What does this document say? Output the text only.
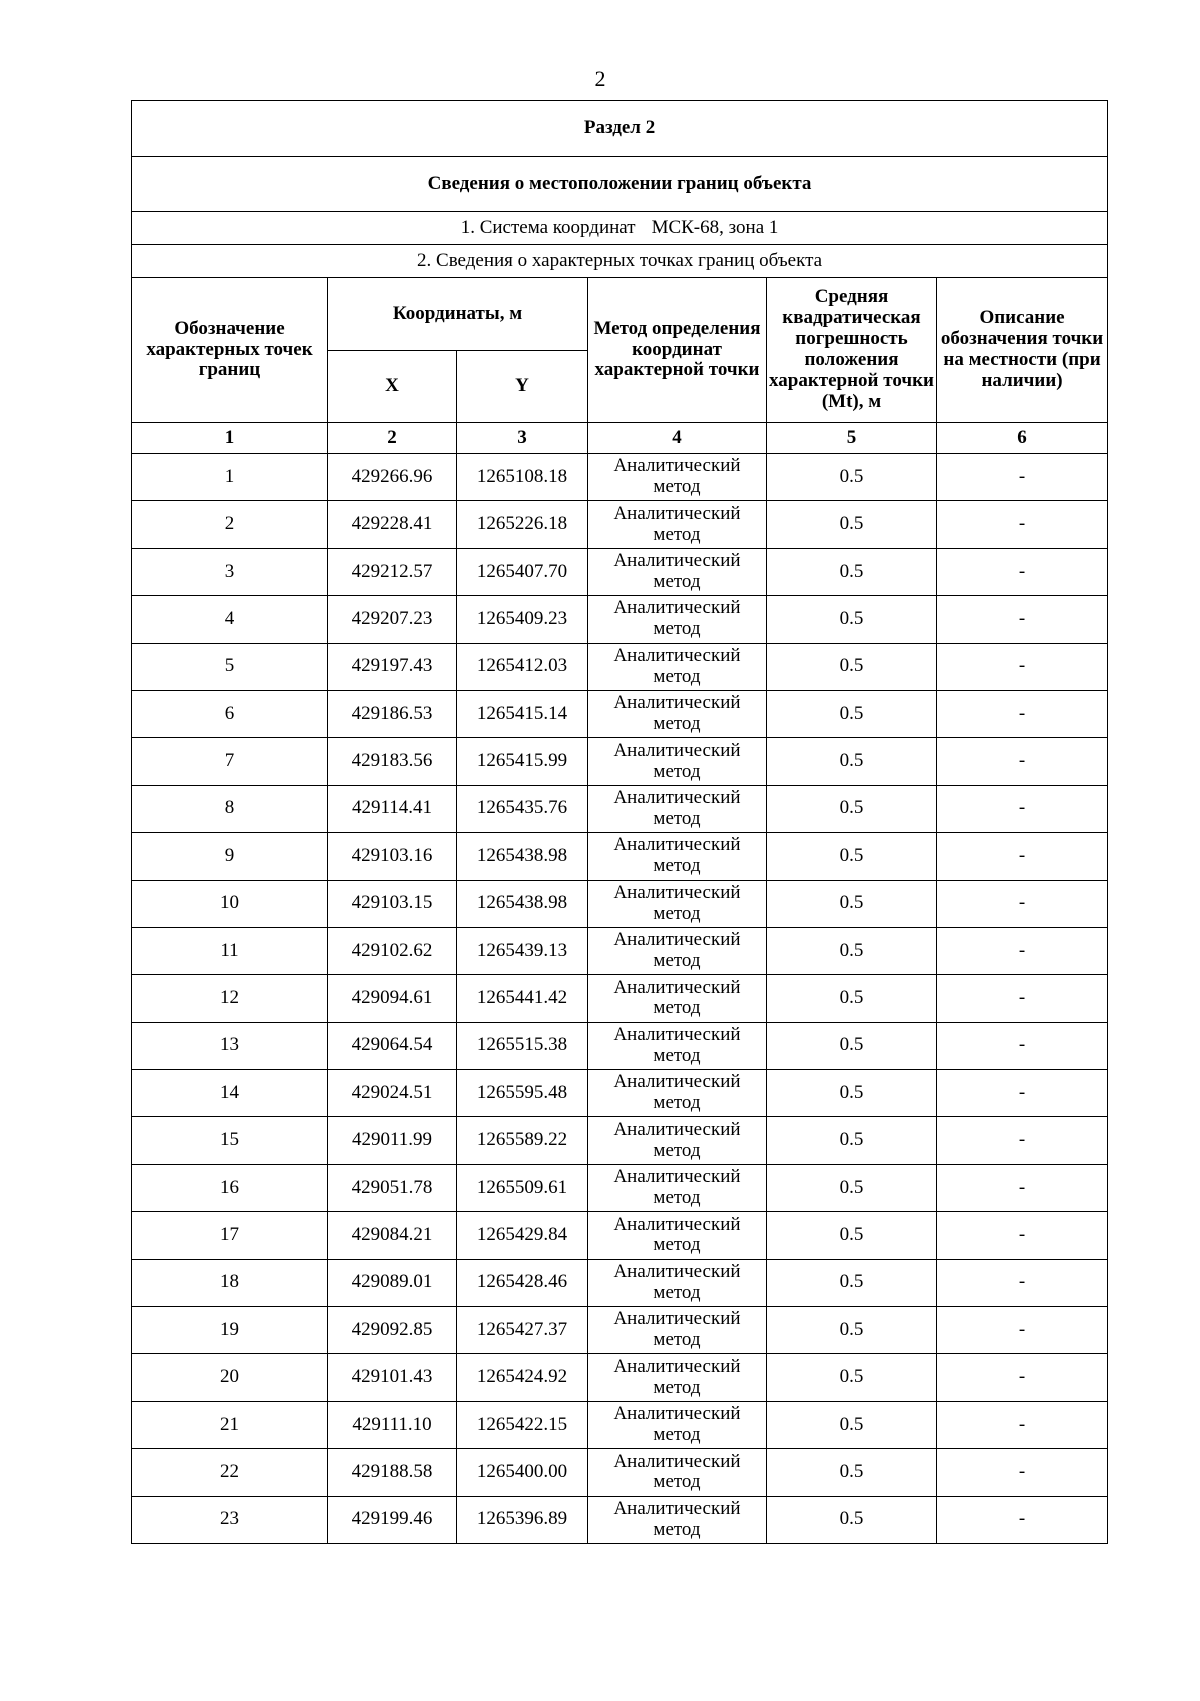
2
Раздел 2					
Сведения о местоположении границ объекта					
1. Система координат МСК-68, зона 1					
2. Сведения о характерных точках границ объекта					
Обозначение характерных точек границ	Координаты, м		Метод определения координат характерной точки	Средняя квадратическая погрешность положения характерной точки (Mt), м	Описание обозначения точки на местности (при наличии)
	X	Y			
1	2	3	4	5	6
1	429266.96	1265108.18	Аналитический метод	0.5	-
2	429228.41	1265226.18	Аналитический метод	0.5	-
3	429212.57	1265407.70	Аналитический метод	0.5	-
4	429207.23	1265409.23	Аналитический метод	0.5	-
5	429197.43	1265412.03	Аналитический метод	0.5	-
6	429186.53	1265415.14	Аналитический метод	0.5	-
7	429183.56	1265415.99	Аналитический метод	0.5	-
8	429114.41	1265435.76	Аналитический метод	0.5	-
9	429103.16	1265438.98	Аналитический метод	0.5	-
10	429103.15	1265438.98	Аналитический метод	0.5	-
11	429102.62	1265439.13	Аналитический метод	0.5	-
12	429094.61	1265441.42	Аналитический метод	0.5	-
13	429064.54	1265515.38	Аналитический метод	0.5	-
14	429024.51	1265595.48	Аналитический метод	0.5	-
15	429011.99	1265589.22	Аналитический метод	0.5	-
16	429051.78	1265509.61	Аналитический метод	0.5	-
17	429084.21	1265429.84	Аналитический метод	0.5	-
18	429089.01	1265428.46	Аналитический метод	0.5	-
19	429092.85	1265427.37	Аналитический метод	0.5	-
20	429101.43	1265424.92	Аналитический метод	0.5	-
21	429111.10	1265422.15	Аналитический метод	0.5	-
22	429188.58	1265400.00	Аналитический метод	0.5	-
23	429199.46	1265396.89	Аналитический метод	0.5	-
